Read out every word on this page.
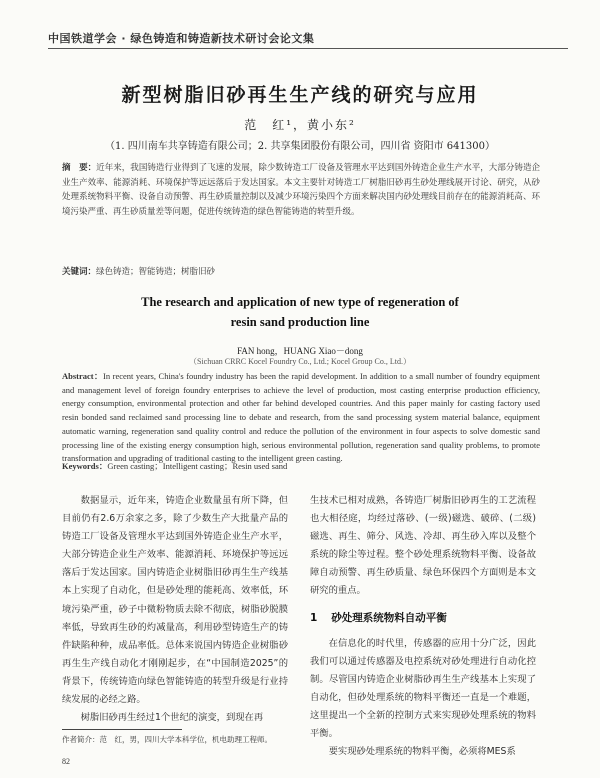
中国铁道学会 · 绿色铸造和铸造新技术研讨会论文集
新型树脂旧砂再生生产线的研究与应用
范　红¹，黄小东²
（1. 四川南车共享铸造有限公司；2. 共享集团股份有限公司，四川省 资阳市 641300）
摘　要：近年来，我国铸造行业得到了飞速的发展，除少数铸造工厂设备及管理水平达到国外铸造企业生产水平，大部分铸造企业生产效率、能源消耗、环境保护等远远落后于发达国家。本文主要针对铸造工厂树脂旧砂再生砂处理线展开讨论、研究，从砂处理系统物料平衡、设备自动预警、再生砂质量控制以及减少环境污染四个方面来解决国内砂处理线目前存在的能源消耗高、环境污染严重、再生砂质量差等问题，促进传统铸造的绿色智能铸造的转型升级。
关键词：绿色铸造；智能铸造；树脂旧砂
The research and application of new type of regeneration of
resin sand production line
FAN hong，HUANG Xiao－dong
（Sichuan CRRC Kocel Foundry Co., Ltd.; Kocel Group Co., Ltd.）
Abstract：In recent years, China's foundry industry has been the rapid development. In addition to a small number of foundry equipment and management level of foreign foundry enterprises to achieve the level of production, most casting enterprise production efficiency, energy consumption, environmental protection and other far behind developed countries. And this paper mainly for casting factory used resin bonded sand reclaimed sand processing line to debate and research, from the sand processing system material balance, equipment automatic warning, regeneration sand quality control and reduce the pollution of the environment in four aspects to solve domestic sand processing line of the existing energy consumption high, serious environmental pollution, regeneration sand quality problems, to promote transformation and upgrading of traditional casting to the intelligent green casting.
Keywords：Green casting；Intelligent casting；Resin used sand

数据显示，近年来，铸造企业数量虽有所下降，但目前仍有2.6万余家之多，除了少数生产大批量产品的铸造工厂设备及管理水平达到国外铸造企业生产水平，大部分铸造企业生产效率、能源消耗、环境保护等远远落后于发达国家。国内铸造企业树脂旧砂再生生产线基本上实现了自动化，但是砂处理的能耗高、效率低，环境污染严重，砂子中微粉物质去除不彻底，树脂砂脱膜率低，导致再生砂的灼减量高，利用砂型铸造生产的铸件缺陷种种，成品率低。总体来说国内铸造企业树脂砂再生生产线自动化才刚刚起步，在“中国制造2025”的背景下，传统铸造向绿色智能铸造的转型升级是行业持续发展的必经之路。

树脂旧砂再生经过1个世纪的演变，到现在再

生技术已相对成熟，各铸造厂树脂旧砂再生的工艺流程也大相径庭，均经过落砂、(一级)磁选、破碎、(二级)磁选、再生、筛分、风选、冷却、再生砂入库以及整个系统的除尘等过程。整个砂处理系统物料平衡、设备故障自动预警、再生砂质量、绿色环保四个方面则是本文研究的重点。

1 砂处理系统物料自动平衡

在信息化的时代里，传感器的应用十分广泛，因此我们可以通过传感器及电控系统对砂处理进行自动化控制。尽管国内铸造企业树脂砂再生生产线基本上实现了自动化，但砂处理系统的物料平衡还一直是一个难题，这里提出一个全新的控制方式来实现砂处理系统的物料平衡。

要实现砂处理系统的物料平衡，必须将MES系

作者简介：范　红，男，四川大学本科学位，机电助理工程师。
82
